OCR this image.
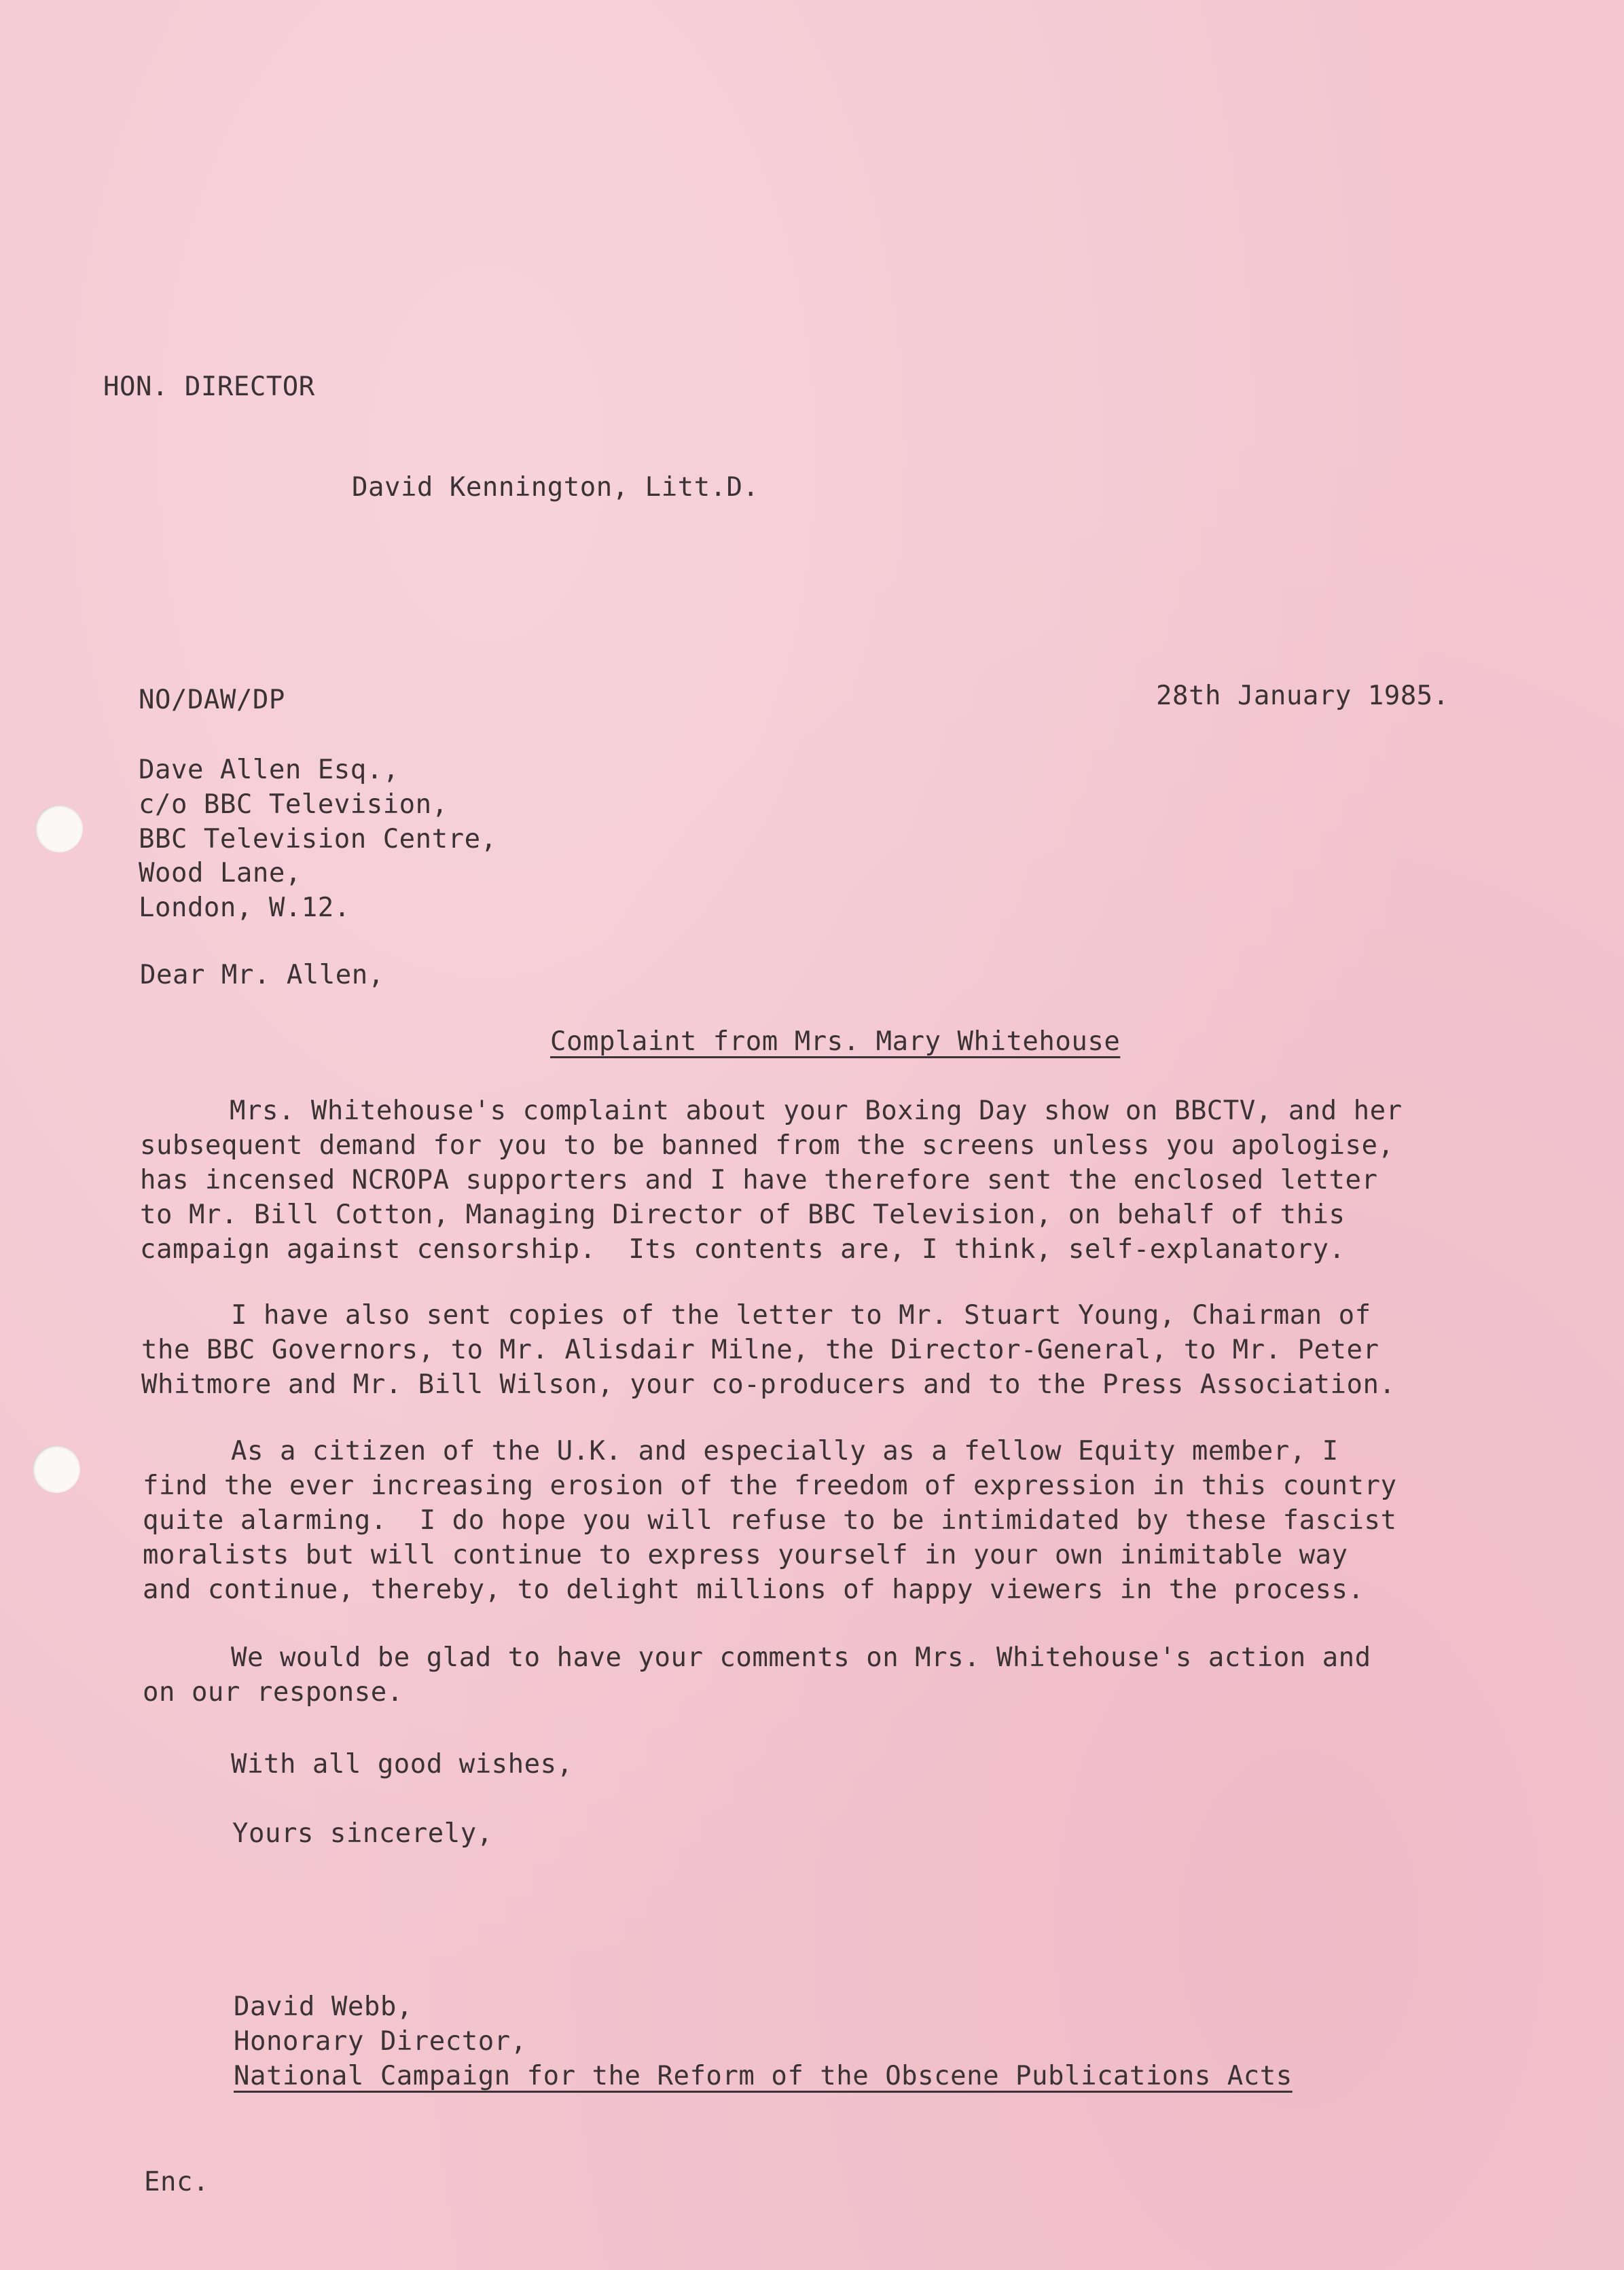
HON. DIRECTOR
David Kennington, Litt.D.
NO/DAW/DP	28th January 1985.
Dave Allen Esq.,
c/o BBC Television,
BBC Television Centre,
Wood Lane,
London, W.12.
Dear Mr. Allen,
Complaint from Mrs. Mary Whitehouse
Mrs. Whitehouse's complaint about your Boxing Day show on BBCTV, and her
subsequent demand for you to be banned from the screens unless you apologise,
has incensed NCROPA supporters and I have therefore sent the enclosed letter
to Mr. Bill Cotton, Managing Director of BBC Television, on behalf of this
campaign against censorship.  Its contents are, I think, self-explanatory.
I have also sent copies of the letter to Mr. Stuart Young, Chairman of
the BBC Governors, to Mr. Alisdair Milne, the Director-General, to Mr. Peter
Whitmore and Mr. Bill Wilson, your co-producers and to the Press Association.
As a citizen of the U.K. and especially as a fellow Equity member, I
find the ever increasing erosion of the freedom of expression in this country
quite alarming.  I do hope you will refuse to be intimidated by these fascist
moralists but will continue to express yourself in your own inimitable way
and continue, thereby, to delight millions of happy viewers in the process.
We would be glad to have your comments on Mrs. Whitehouse's action and
on our response.
With all good wishes,
Yours sincerely,
David Webb,
Honorary Director,
National Campaign for the Reform of the Obscene Publications Acts
Enc.
